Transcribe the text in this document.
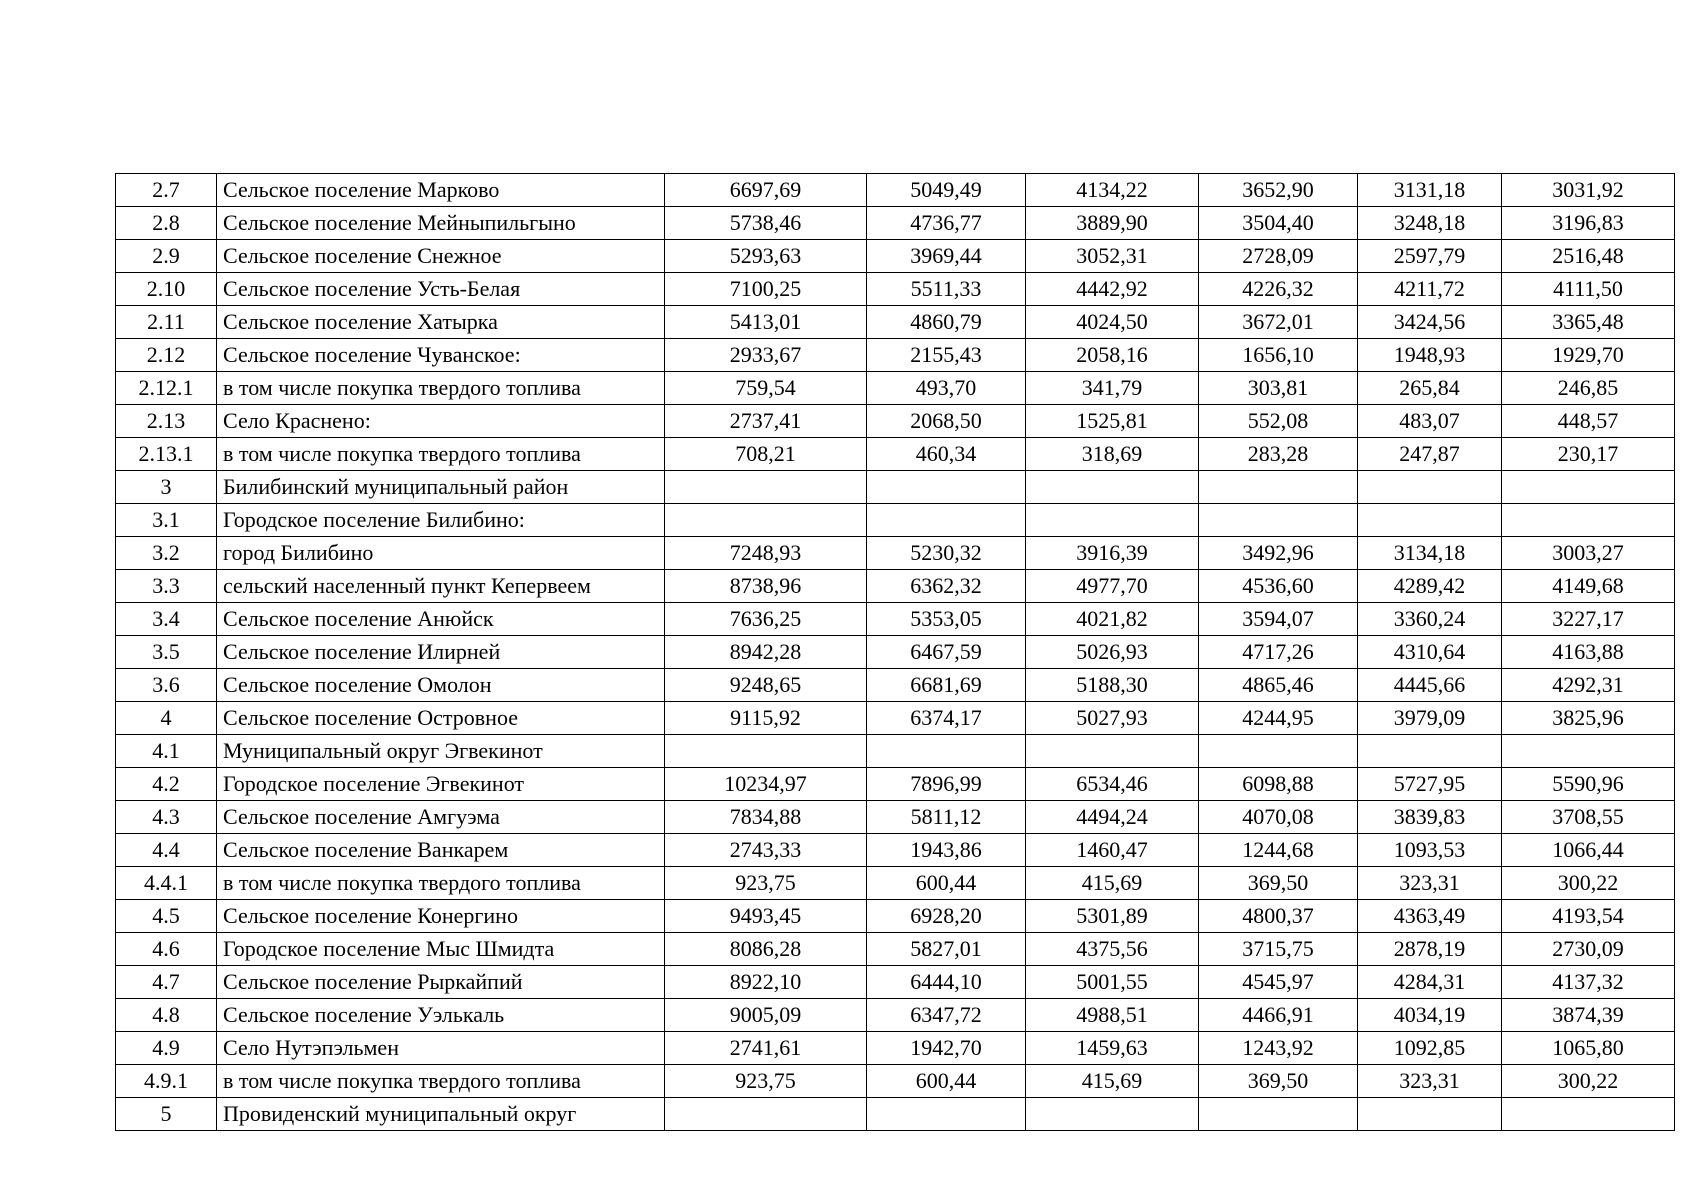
2.7	Сельское поселение Марково	6697,69	5049,49	4134,22	3652,90	3131,18	3031,92
2.8	Сельское поселение Мейныпильгыно	5738,46	4736,77	3889,90	3504,40	3248,18	3196,83
2.9	Сельское поселение Снежное	5293,63	3969,44	3052,31	2728,09	2597,79	2516,48
2.10	Сельское поселение Усть-Белая	7100,25	5511,33	4442,92	4226,32	4211,72	4111,50
2.11	Сельское поселение Хатырка	5413,01	4860,79	4024,50	3672,01	3424,56	3365,48
2.12	Сельское поселение Чуванское:	2933,67	2155,43	2058,16	1656,10	1948,93	1929,70
2.12.1	в том числе покупка твердого топлива	759,54	493,70	341,79	303,81	265,84	246,85
2.13	Село Краснено:	2737,41	2068,50	1525,81	552,08	483,07	448,57
2.13.1	в том числе покупка твердого топлива	708,21	460,34	318,69	283,28	247,87	230,17
3	Билибинский муниципальный район						
3.1	Городское поселение Билибино:						
3.2	город Билибино	7248,93	5230,32	3916,39	3492,96	3134,18	3003,27
3.3	сельский населенный пункт Кепервеем	8738,96	6362,32	4977,70	4536,60	4289,42	4149,68
3.4	Сельское поселение Анюйск	7636,25	5353,05	4021,82	3594,07	3360,24	3227,17
3.5	Сельское поселение Илирней	8942,28	6467,59	5026,93	4717,26	4310,64	4163,88
3.6	Сельское поселение Омолон	9248,65	6681,69	5188,30	4865,46	4445,66	4292,31
4	Сельское поселение Островное	9115,92	6374,17	5027,93	4244,95	3979,09	3825,96
4.1	Муниципальный округ Эгвекинот						
4.2	Городское поселение Эгвекинот	10234,97	7896,99	6534,46	6098,88	5727,95	5590,96
4.3	Сельское поселение Амгуэма	7834,88	5811,12	4494,24	4070,08	3839,83	3708,55
4.4	Сельское поселение Ванкарем	2743,33	1943,86	1460,47	1244,68	1093,53	1066,44
4.4.1	в том числе покупка твердого топлива	923,75	600,44	415,69	369,50	323,31	300,22
4.5	Сельское поселение Конергино	9493,45	6928,20	5301,89	4800,37	4363,49	4193,54
4.6	Городское поселение Мыс Шмидта	8086,28	5827,01	4375,56	3715,75	2878,19	2730,09
4.7	Сельское поселение Рыркайпий	8922,10	6444,10	5001,55	4545,97	4284,31	4137,32
4.8	Сельское поселение Уэлькаль	9005,09	6347,72	4988,51	4466,91	4034,19	3874,39
4.9	Село Нутэпэльмен	2741,61	1942,70	1459,63	1243,92	1092,85	1065,80
4.9.1	в том числе покупка твердого топлива	923,75	600,44	415,69	369,50	323,31	300,22
5	Провиденский муниципальный округ						
